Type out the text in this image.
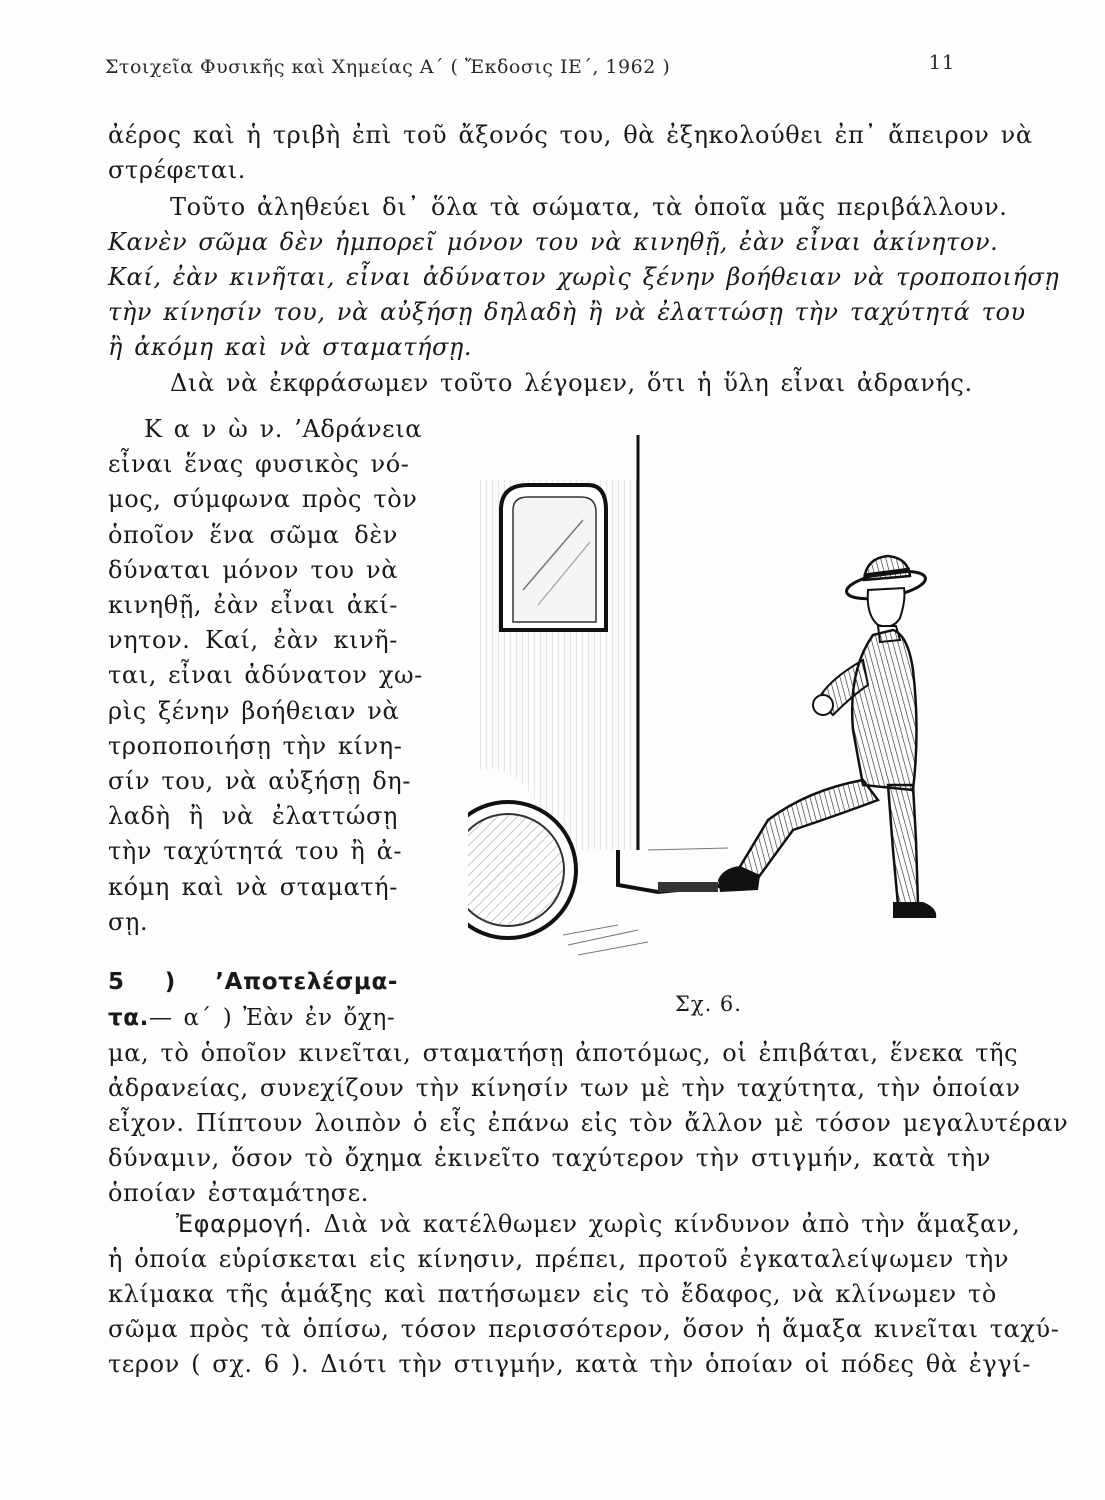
Στοιχεῖα Φυσικῆς καὶ Χημείας Α΄ ( Ἔκδοσις ΙΕ΄, 1962 )	11
ἀέρος καὶ ἡ τριβὴ ἐπὶ τοῦ ἄξονός του, θὰ ἐξηκολούθει ἐπ᾽ ἄπειρον νὰ
στρέφεται.
Τοῦτο ἀληθεύει δι᾽ ὅλα τὰ σώματα, τὰ ὁποῖα μᾶς περιβάλλουν.
Κανὲν σῶμα δὲν ἠμπορεῖ μόνον του νὰ κινηθῇ, ἐὰν εἶναι ἀκίνητον.
Καί, ἐὰν κινῆται, εἶναι ἀδύνατον χωρὶς ξένην βοήθειαν νὰ τροποποιήσῃ
τὴν κίνησίν του, νὰ αὐξήσῃ δηλαδὴ ἢ νὰ ἐλαττώσῃ τὴν ταχύτητά του
ἢ ἀκόμη καὶ νὰ σταματήσῃ.
Διὰ νὰ ἐκφράσωμεν τοῦτο λέγομεν, ὅτι ἡ ὕλη εἶναι ἀδρανής.
Κ α ν ὼ ν. ’Αδράνεια
εἶναι ἕνας φυσικὸς νό-
μος, σύμφωνα πρὸς τὸν
ὁποῖον ἕνα σῶμα δὲν
δύναται μόνον του νὰ
κινηθῇ, ἐὰν εἶναι ἀκί-
νητον. Καί, ἐὰν κινῆ-
ται, εἶναι ἀδύνατον χω-
ρὶς ξένην βοήθειαν νὰ
τροποποιήσῃ τὴν κίνη-
σίν του, νὰ αὐξήσῃ δη-
λαδὴ ἢ νὰ ἐλαττώσῃ
τὴν ταχύτητά του ἢ ἀ-
κόμη καὶ νὰ σταματή-
σῃ.
5 ) ’Αποτελέσμα-
τα.— α΄ ) Ἐὰν ἐν ὄχη-
μα, τὸ ὁποῖον κινεῖται, σταματήσῃ ἀποτόμως, οἱ ἐπιβάται, ἕνεκα τῆς
ἀδρανείας, συνεχίζουν τὴν κίνησίν των μὲ τὴν ταχύτητα, τὴν ὁποίαν
εἶχον. Πίπτουν λοιπὸν ὁ εἷς ἐπάνω εἰς τὸν ἄλλον μὲ τόσον μεγαλυτέραν
δύναμιν, ὅσον τὸ ὄχημα ἐκινεῖτο ταχύτερον τὴν στιγμήν, κατὰ τὴν
ὁποίαν ἐσταμάτησε.
Ἐφαρμογή. Διὰ νὰ κατέλθωμεν χωρὶς κίνδυνον ἀπὸ τὴν ἅμαξαν,
ἡ ὁποία εὑρίσκεται εἰς κίνησιν, πρέπει, προτοῦ ἐγκαταλείψωμεν τὴν
κλίμακα τῆς ἁμάξης καὶ πατήσωμεν εἰς τὸ ἔδαφος, νὰ κλίνωμεν τὸ
σῶμα πρὸς τὰ ὀπίσω, τόσον περισσότερον, ὅσον ἡ ἅμαξα κινεῖται ταχύ-
τερον ( σχ. 6 ). Διότι τὴν στιγμήν, κατὰ τὴν ὁποίαν οἱ πόδες θὰ ἐγγί-
Σχ. 6.
